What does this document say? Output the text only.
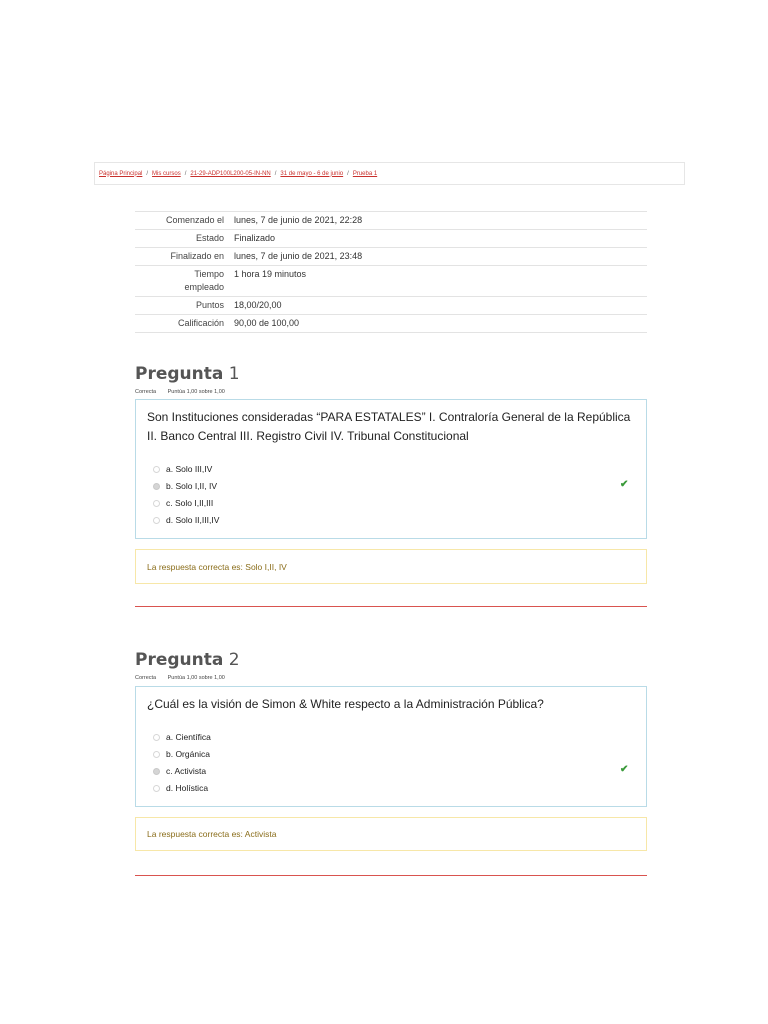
Página Principal / Mis cursos / 21-29-ADP100L200-05-IN-NN / 31 de mayo - 6 de junio / Prueba 1
Comenzado el	lunes, 7 de junio de 2021, 22:28
Estado	Finalizado
Finalizado en	lunes, 7 de junio de 2021, 23:48
Tiempo empleado	1 hora 19 minutos
Puntos	18,00/20,00
Calificación	90,00 de 100,00
Pregunta 1
Correcta Puntúa 1,00 sobre 1,00
Son Instituciones consideradas “PARA ESTATALES” I. Contraloría General de la República II. Banco Central III. Registro Civil IV. Tribunal Constitucional
a. Solo III,IV
b. Solo I,II, IV
c. Solo I,II,III
d. Solo II,III,IV
✔
La respuesta correcta es: Solo I,II, IV
Pregunta 2
Correcta Puntúa 1,00 sobre 1,00
¿Cuál es la visión de Simon & White respecto a la Administración Pública?
a. Científica
b. Orgánica
c. Activista
d. Holística
✔
La respuesta correcta es: Activista
